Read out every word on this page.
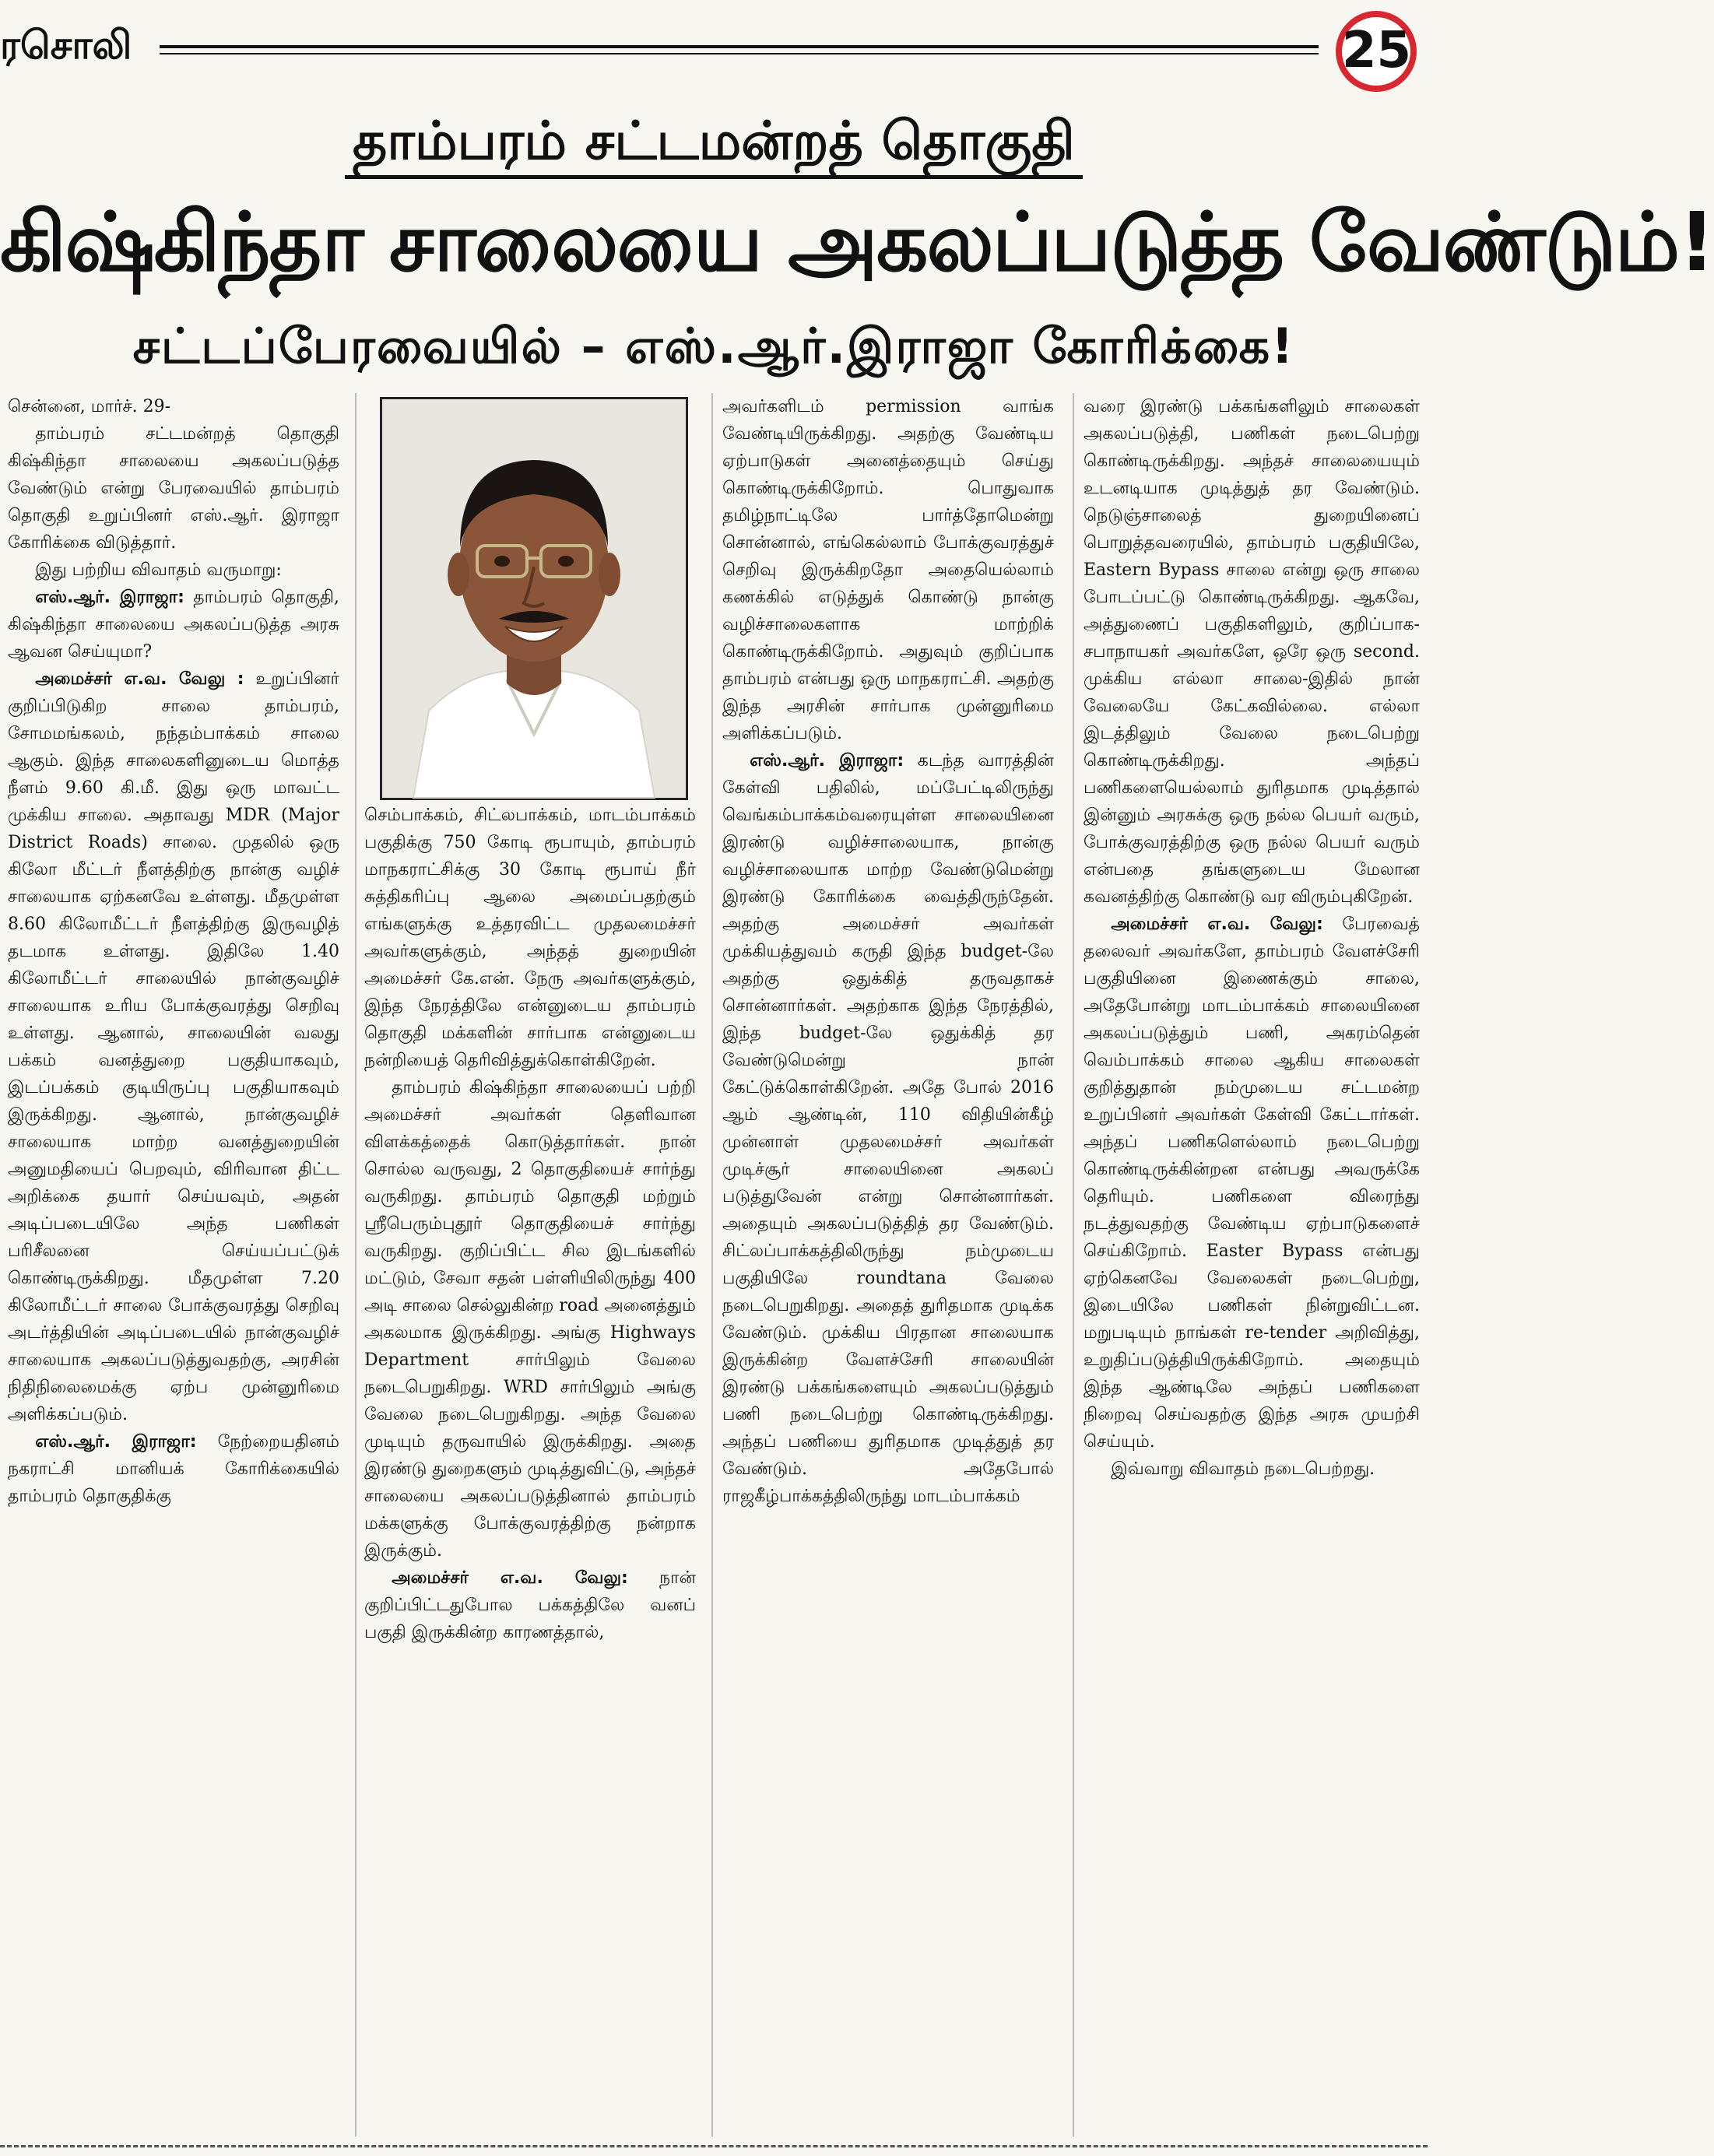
ரசொலி	25
தாம்பரம் சட்டமன்றத் தொகுதி
கிஷ்கிந்தா சாலையை அகலப்படுத்த வேண்டும்!
சட்டப்பேரவையில் – எஸ்.ஆர்.இராஜா கோரிக்கை!

சென்னை, மார்ச். 29-

தாம்பரம் சட்டமன்றத் தொகுதி கிஷ்கிந்தா சாலையை அகலப்படுத்த வேண்டும் என்று பேரவையில் தாம்பரம் தொகுதி உறுப்பினர் எஸ்.ஆர். இராஜா கோரிக்கை விடுத்தார்.

இது பற்றிய விவாதம் வருமாறு:

எஸ்.ஆர். இராஜா: தாம்பரம் தொகுதி, கிஷ்கிந்தா சாலையை அகலப்படுத்த அரசு ஆவன செய்யுமா?

அமைச்சர் எ.வ. வேலு : உறுப்பினர் குறிப்பிடுகிற சாலை தாம்பரம், சோமமங்கலம், நந்தம்பாக்கம் சாலை ஆகும். இந்த சாலைகளினுடைய மொத்த நீளம் 9.60 கி.மீ. இது ஒரு மாவட்ட முக்கிய சாலை. அதாவது MDR (Major District Roads) சாலை. முதலில் ஒரு கிலோ மீட்டர் நீளத்திற்கு நான்கு வழிச் சாலையாக ஏற்கனவே உள்ளது. மீதமுள்ள 8.60 கிலோமீட்டர் நீளத்திற்கு இருவழித் தடமாக உள்ளது. இதிலே 1.40 கிலோமீட்டர் சாலையில் நான்குவழிச் சாலையாக உரிய போக்குவரத்து செறிவு உள்ளது. ஆனால், சாலையின் வலது பக்கம் வனத்துறை பகுதியாகவும், இடப்பக்கம் குடியிருப்பு பகுதியாகவும் இருக்கிறது. ஆனால், நான்குவழிச் சாலையாக மாற்ற வனத்துறையின் அனுமதியைப் பெறவும், விரிவான திட்ட அறிக்கை தயார் செய்யவும், அதன் அடிப்படையிலே அந்த பணிகள் பரிசீலனை செய்யப்பட்டுக் கொண்டிருக்கிறது. மீதமுள்ள 7.20 கிலோமீட்டர் சாலை போக்குவரத்து செறிவு அடர்த்தியின் அடிப்படையில் நான்குவழிச் சாலையாக அகலப்படுத்துவதற்கு, அரசின் நிதிநிலைமைக்கு ஏற்ப முன்னுரிமை அளிக்கப்படும்.

எஸ்.ஆர். இராஜா: நேற்றையதினம் நகராட்சி மானியக் கோரிக்கையில் தாம்பரம் தொகுதிக்கு

செம்பாக்கம், சிட்லபாக்கம், மாடம்பாக்கம் பகுதிக்கு 750 கோடி ரூபாயும், தாம்பரம் மாநகராட்சிக்கு 30 கோடி ரூபாய் நீர் சுத்திகரிப்பு ஆலை அமைப்பதற்கும் எங்களுக்கு உத்தரவிட்ட முதலமைச்சர் அவர்களுக்கும், அந்தத் துறையின் அமைச்சர் கே.என். நேரு அவர்களுக்கும், இந்த நேரத்திலே என்னுடைய தாம்பரம் தொகுதி மக்களின் சார்பாக என்னுடைய நன்றியைத் தெரிவித்துக்கொள்கிறேன்.

தாம்பரம் கிஷ்கிந்தா சாலையைப் பற்றி அமைச்சர் அவர்கள் தெளிவான விளக்கத்தைக் கொடுத்தார்கள். நான் சொல்ல வருவது, 2 தொகுதியைச் சார்ந்து வருகிறது. தாம்பரம் தொகுதி மற்றும் ஸ்ரீபெரும்புதூர் தொகுதியைச் சார்ந்து வருகிறது. குறிப்பிட்ட சில இடங்களில் மட்டும், சேவா சதன் பள்ளியிலிருந்து 400 அடி சாலை செல்லுகின்ற road அனைத்தும் அகலமாக இருக்கிறது. அங்கு Highways Department சார்பிலும் வேலை நடைபெறுகிறது. WRD சார்பிலும் அங்கு வேலை நடைபெறுகிறது. அந்த வேலை முடியும் தருவாயில் இருக்கிறது. அதை இரண்டு துறைகளும் முடித்துவிட்டு, அந்தச் சாலையை அகலப்படுத்தினால் தாம்பரம் மக்களுக்கு போக்குவரத்திற்கு நன்றாக இருக்கும்.

அமைச்சர் எ.வ. வேலு: நான் குறிப்பிட்டதுபோல பக்கத்திலே வனப் பகுதி இருக்கின்ற காரணத்தால்,

அவர்களிடம் permission வாங்க வேண்டியிருக்கிறது. அதற்கு வேண்டிய ஏற்பாடுகள் அனைத்தையும் செய்து கொண்டிருக்கிறோம். பொதுவாக தமிழ்நாட்டிலே பார்த்தோமென்று சொன்னால், எங்கெல்லாம் போக்குவரத்துச் செறிவு இருக்கிறதோ அதையெல்லாம் கணக்கில் எடுத்துக் கொண்டு நான்கு வழிச்சாலைகளாக மாற்றிக் கொண்டிருக்கிறோம். அதுவும் குறிப்பாக தாம்பரம் என்பது ஒரு மாநகராட்சி. அதற்கு இந்த அரசின் சார்பாக முன்னுரிமை அளிக்கப்படும்.

எஸ்.ஆர். இராஜா: கடந்த வாரத்தின் கேள்வி பதிலில், மப்பேட்டிலிருந்து வெங்கம்பாக்கம்வரையுள்ள சாலையினை இரண்டு வழிச்சாலையாக, நான்கு வழிச்சாலையாக மாற்ற வேண்டுமென்று இரண்டு கோரிக்கை வைத்திருந்தேன். அதற்கு அமைச்சர் அவர்கள் முக்கியத்துவம் கருதி இந்த budget-லே அதற்கு ஒதுக்கித் தருவதாகச் சொன்னார்கள். அதற்காக இந்த நேரத்தில், இந்த budget-லே ஒதுக்கித் தர வேண்டுமென்று நான் கேட்டுக்கொள்கிறேன். அதே போல் 2016 ஆம் ஆண்டின், 110 விதியின்கீழ் முன்னாள் முதலமைச்சர் அவர்கள் முடிச்சூர் சாலையினை அகலப் படுத்துவேன் என்று சொன்னார்கள். அதையும் அகலப்படுத்தித் தர வேண்டும். சிட்லப்பாக்கத்திலிருந்து நம்முடைய பகுதியிலே roundtana வேலை நடைபெறுகிறது. அதைத் துரிதமாக முடிக்க வேண்டும். முக்கிய பிரதான சாலையாக இருக்கின்ற வேளச்சேரி சாலையின் இரண்டு பக்கங்களையும் அகலப்படுத்தும் பணி நடைபெற்று கொண்டிருக்கிறது. அந்தப் பணியை துரிதமாக முடித்துத் தர வேண்டும். அதேபோல் ராஜகீழ்பாக்கத்திலிருந்து மாடம்பாக்கம்

வரை இரண்டு பக்கங்களிலும் சாலைகள் அகலப்படுத்தி, பணிகள் நடைபெற்று கொண்டிருக்கிறது. அந்தச் சாலையையும் உடனடியாக முடித்துத் தர வேண்டும். நெடுஞ்சாலைத் துறையினைப் பொறுத்தவரையில், தாம்பரம் பகுதியிலே, Eastern Bypass சாலை என்று ஒரு சாலை போடப்பட்டு கொண்டிருக்கிறது. ஆகவே, அத்துணைப் பகுதிகளிலும், குறிப்பாக- சபாநாயகர் அவர்களே, ஒரே ஒரு second. முக்கிய எல்லா சாலை-இதில் நான் வேலையே கேட்கவில்லை. எல்லா இடத்திலும் வேலை நடைபெற்று கொண்டிருக்கிறது. அந்தப் பணிகளையெல்லாம் துரிதமாக முடித்தால் இன்னும் அரசுக்கு ஒரு நல்ல பெயர் வரும், போக்குவரத்திற்கு ஒரு நல்ல பெயர் வரும் என்பதை தங்களுடைய மேலான கவனத்திற்கு கொண்டு வர விரும்புகிறேன்.

அமைச்சர் எ.வ. வேலு: பேரவைத் தலைவர் அவர்களே, தாம்பரம் வேளச்சேரி பகுதியினை இணைக்கும் சாலை, அதேபோன்று மாடம்பாக்கம் சாலையினை அகலப்படுத்தும் பணி, அகரம்தென் வெம்பாக்கம் சாலை ஆகிய சாலைகள் குறித்துதான் நம்முடைய சட்டமன்ற உறுப்பினர் அவர்கள் கேள்வி கேட்டார்கள். அந்தப் பணிகளெல்லாம் நடைபெற்று கொண்டிருக்கின்றன என்பது அவருக்கே தெரியும். பணிகளை விரைந்து நடத்துவதற்கு வேண்டிய ஏற்பாடுகளைச் செய்கிறோம். Easter Bypass என்பது ஏற்கெனவே வேலைகள் நடைபெற்று, இடையிலே பணிகள் நின்றுவிட்டன. மறுபடியும் நாங்கள் re-tender அறிவித்து, உறுதிப்படுத்தியிருக்கிறோம். அதையும் இந்த ஆண்டிலே அந்தப் பணிகளை நிறைவு செய்வதற்கு இந்த அரசு முயற்சி செய்யும்.

இவ்வாறு விவாதம் நடைபெற்றது.
